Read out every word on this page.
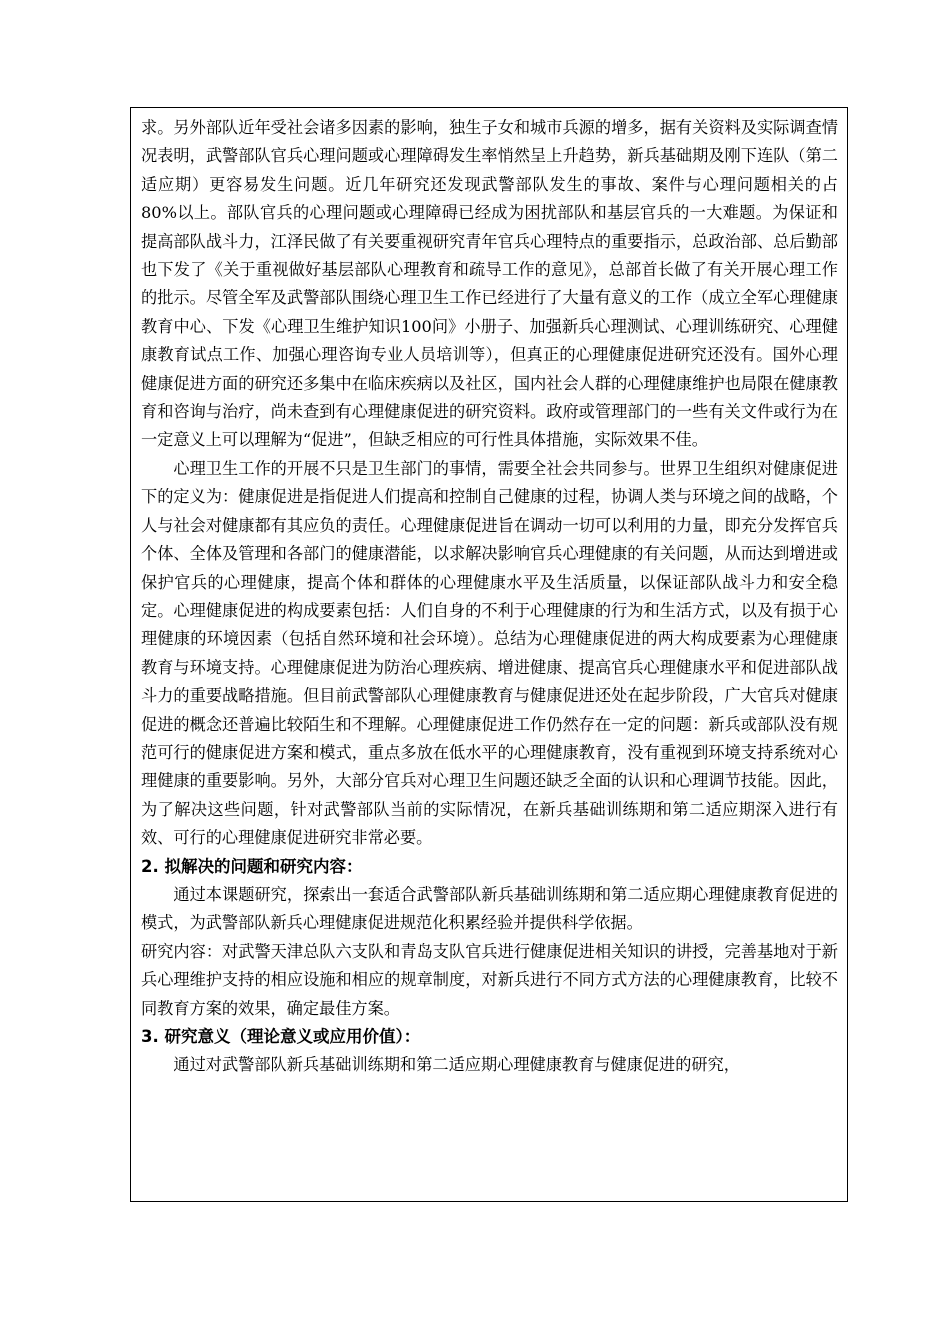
求。另外部队近年受社会诸多因素的影响，独生子女和城市兵源的增多，据有关资料及实际调查情况表明，武警部队官兵心理问题或心理障碍发生率悄然呈上升趋势，新兵基础期及刚下连队（第二适应期）更容易发生问题。近几年研究还发现武警部队发生的事故、案件与心理问题相关的占80%以上。部队官兵的心理问题或心理障碍已经成为困扰部队和基层官兵的一大难题。为保证和提高部队战斗力，江泽民做了有关要重视研究青年官兵心理特点的重要指示，总政治部、总后勤部也下发了《关于重视做好基层部队心理教育和疏导工作的意见》，总部首长做了有关开展心理工作的批示。尽管全军及武警部队围绕心理卫生工作已经进行了大量有意义的工作（成立全军心理健康教育中心、下发《心理卫生维护知识100问》小册子、加强新兵心理测试、心理训练研究、心理健康教育试点工作、加强心理咨询专业人员培训等），但真正的心理健康促进研究还没有。国外心理健康促进方面的研究还多集中在临床疾病以及社区，国内社会人群的心理健康维护也局限在健康教育和咨询与治疗，尚未查到有心理健康促进的研究资料。政府或管理部门的一些有关文件或行为在一定意义上可以理解为“促进”，但缺乏相应的可行性具体措施，实际效果不佳。

心理卫生工作的开展不只是卫生部门的事情，需要全社会共同参与。世界卫生组织对健康促进下的定义为：健康促进是指促进人们提高和控制自己健康的过程，协调人类与环境之间的战略，个人与社会对健康都有其应负的责任。心理健康促进旨在调动一切可以利用的力量，即充分发挥官兵个体、全体及管理和各部门的健康潜能，以求解决影响官兵心理健康的有关问题，从而达到增进或保护官兵的心理健康，提高个体和群体的心理健康水平及生活质量，以保证部队战斗力和安全稳定。心理健康促进的构成要素包括：人们自身的不利于心理健康的行为和生活方式，以及有损于心理健康的环境因素（包括自然环境和社会环境）。总结为心理健康促进的两大构成要素为心理健康教育与环境支持。心理健康促进为防治心理疾病、增进健康、提高官兵心理健康水平和促进部队战斗力的重要战略措施。但目前武警部队心理健康教育与健康促进还处在起步阶段，广大官兵对健康促进的概念还普遍比较陌生和不理解。心理健康促进工作仍然存在一定的问题：新兵或部队没有规范可行的健康促进方案和模式，重点多放在低水平的心理健康教育，没有重视到环境支持系统对心理健康的重要影响。另外，大部分官兵对心理卫生问题还缺乏全面的认识和心理调节技能。因此，为了解决这些问题，针对武警部队当前的实际情况，在新兵基础训练期和第二适应期深入进行有效、可行的心理健康促进研究非常必要。

2. 拟解决的问题和研究内容：

通过本课题研究，探索出一套适合武警部队新兵基础训练期和第二适应期心理健康教育促进的模式，为武警部队新兵心理健康促进规范化积累经验并提供科学依据。

研究内容：对武警天津总队六支队和青岛支队官兵进行健康促进相关知识的讲授，完善基地对于新兵心理维护支持的相应设施和相应的规章制度，对新兵进行不同方式方法的心理健康教育，比较不同教育方案的效果，确定最佳方案。

3. 研究意义（理论意义或应用价值）：

通过对武警部队新兵基础训练期和第二适应期心理健康教育与健康促进的研究，
